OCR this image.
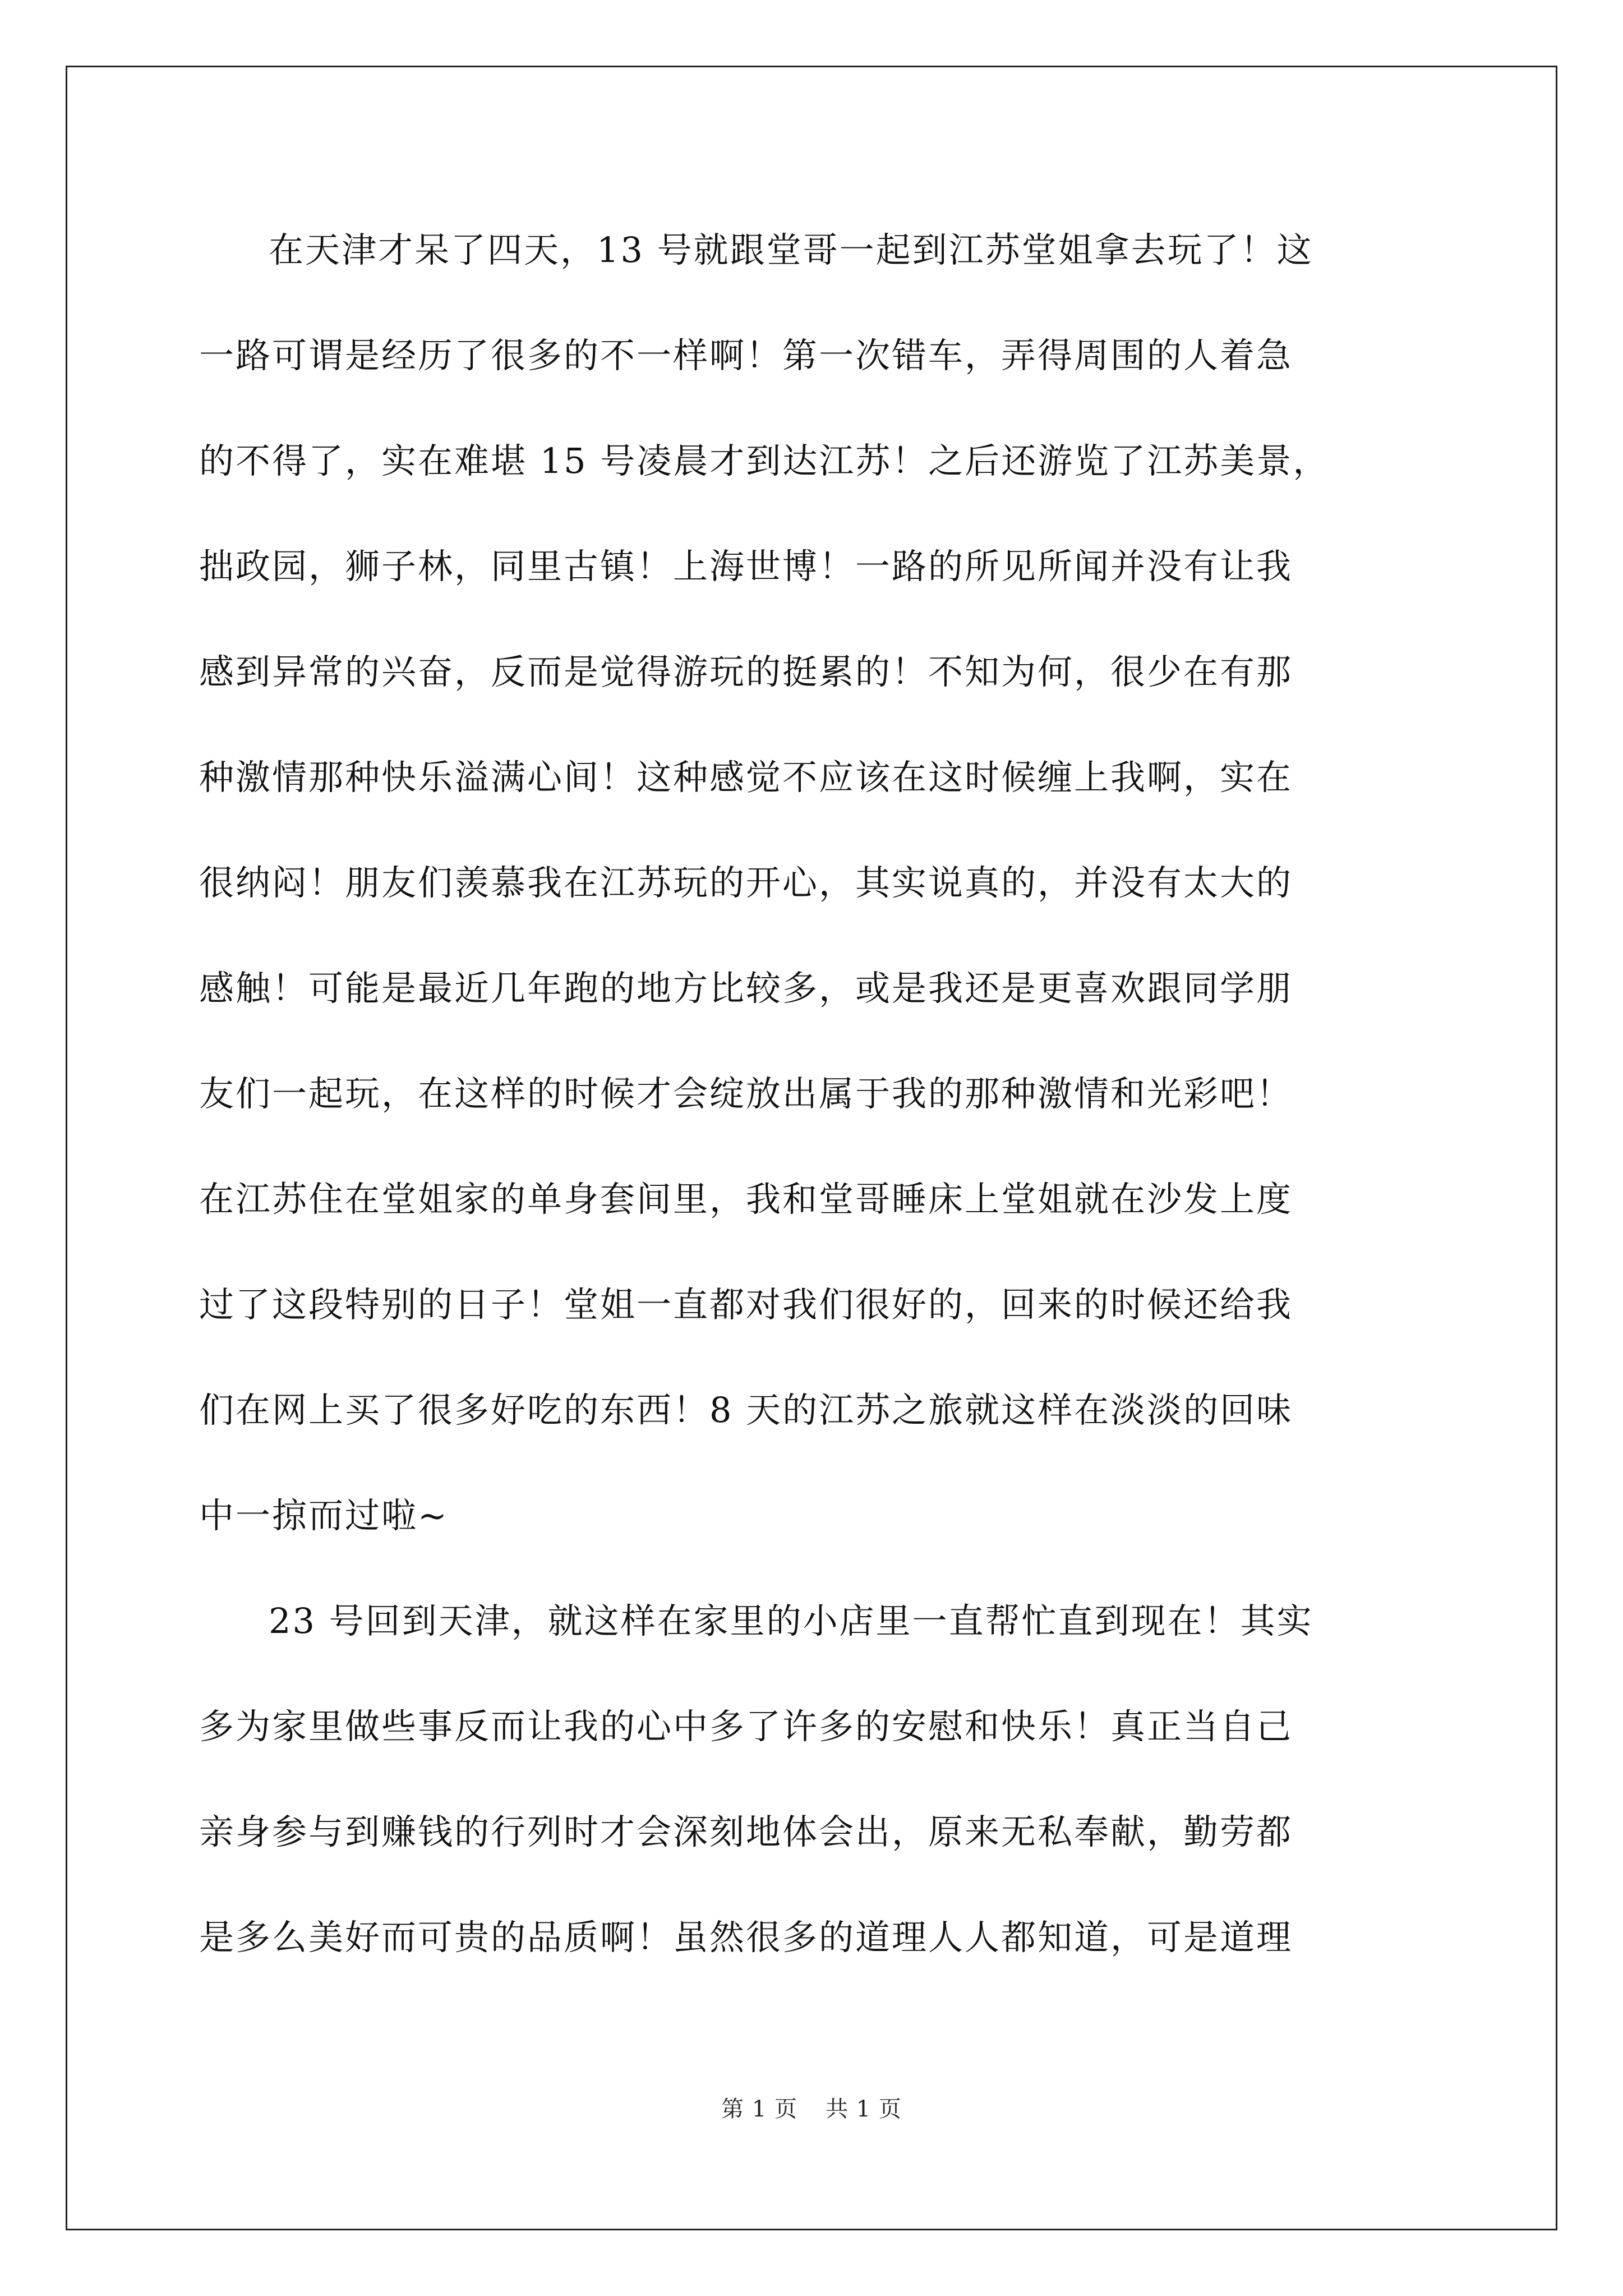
在天津才呆了四天，13 号就跟堂哥一起到江苏堂姐拿去玩了！这
一路可谓是经历了很多的不一样啊！第一次错车，弄得周围的人着急
的不得了，实在难堪 15 号凌晨才到达江苏！之后还游览了江苏美景，
拙政园，狮子林，同里古镇！上海世博！一路的所见所闻并没有让我
感到异常的兴奋，反而是觉得游玩的挺累的！不知为何，很少在有那
种激情那种快乐溢满心间！这种感觉不应该在这时候缠上我啊，实在
很纳闷！朋友们羡慕我在江苏玩的开心，其实说真的，并没有太大的
感触！可能是最近几年跑的地方比较多，或是我还是更喜欢跟同学朋
友们一起玩，在这样的时候才会绽放出属于我的那种激情和光彩吧！
在江苏住在堂姐家的单身套间里，我和堂哥睡床上堂姐就在沙发上度
过了这段特别的日子！堂姐一直都对我们很好的，回来的时候还给我
们在网上买了很多好吃的东西！8 天的江苏之旅就这样在淡淡的回味
中一掠而过啦~
23 号回到天津，就这样在家里的小店里一直帮忙直到现在！其实
多为家里做些事反而让我的心中多了许多的安慰和快乐！真正当自己
亲身参与到赚钱的行列时才会深刻地体会出，原来无私奉献，勤劳都
是多么美好而可贵的品质啊！虽然很多的道理人人都知道，可是道理
第 1 页 共 1 页
